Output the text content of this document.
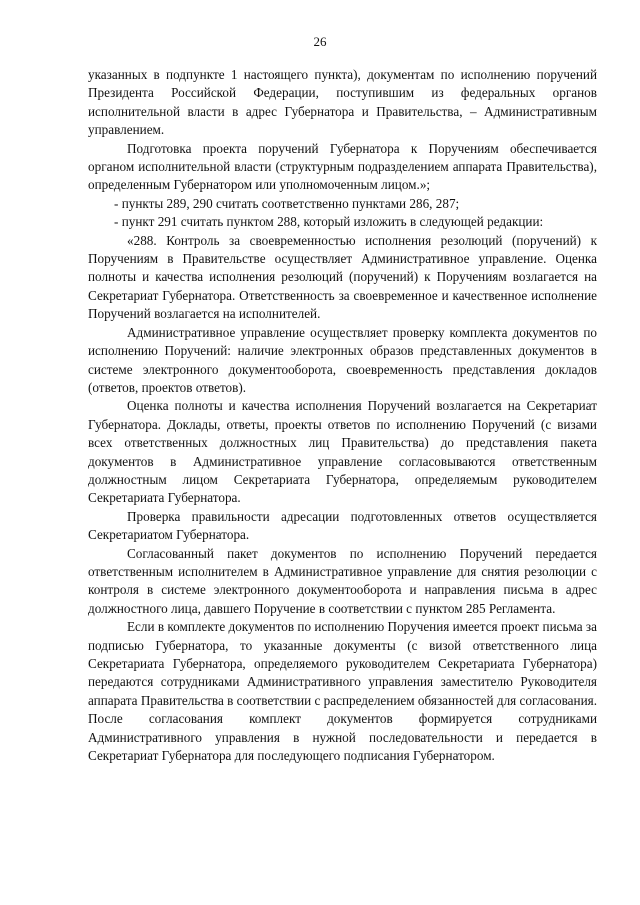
26

указанных в подпункте 1 настоящего пункта), документам по исполнению поручений Президента Российской Федерации, поступившим из федеральных органов исполнительной власти в адрес Губернатора и Правительства, – Административным управлением.

Подготовка проекта поручений Губернатора к Поручениям обеспечивается органом исполнительной власти (структурным подразделением аппарата Правительства), определенным Губернатором или уполномоченным лицом.»;

- пункты 289, 290 считать соответственно пунктами 286, 287;

- пункт 291 считать пунктом 288, который изложить в следующей редакции:

«288. Контроль за своевременностью исполнения резолюций (поручений) к Поручениям в Правительстве осуществляет Административное управление. Оценка полноты и качества исполнения резолюций (поручений) к Поручениям возлагается на Секретариат Губернатора. Ответственность за своевременное и качественное исполнение Поручений возлагается на исполнителей.

Административное управление осуществляет проверку комплекта документов по исполнению Поручений: наличие электронных образов представленных документов в системе электронного документооборота, своевременность представления докладов (ответов, проектов ответов).

Оценка полноты и качества исполнения Поручений возлагается на Секретариат Губернатора. Доклады, ответы, проекты ответов по исполнению Поручений (с визами всех ответственных должностных лиц Правительства) до представления пакета документов в Административное управление согласовываются ответственным должностным лицом Секретариата Губернатора, определяемым руководителем Секретариата Губернатора.

Проверка правильности адресации подготовленных ответов осуществляется Секретариатом Губернатора.

Согласованный пакет документов по исполнению Поручений передается ответственным исполнителем в Административное управление для снятия резолюции с контроля в системе электронного документооборота и направления письма в адрес должностного лица, давшего Поручение в соответствии с пунктом 285 Регламента.

Если в комплекте документов по исполнению Поручения имеется проект письма за подписью Губернатора, то указанные документы (с визой ответственного лица Секретариата Губернатора, определяемого руководителем Секретариата Губернатора) передаются сотрудниками Административного управления заместителю Руководителя аппарата Правительства в соответствии с распределением обязанностей для согласования. После согласования комплект документов формируется сотрудниками Административного управления в нужной последовательности и передается в Секретариат Губернатора для последующего подписания Губернатором.
